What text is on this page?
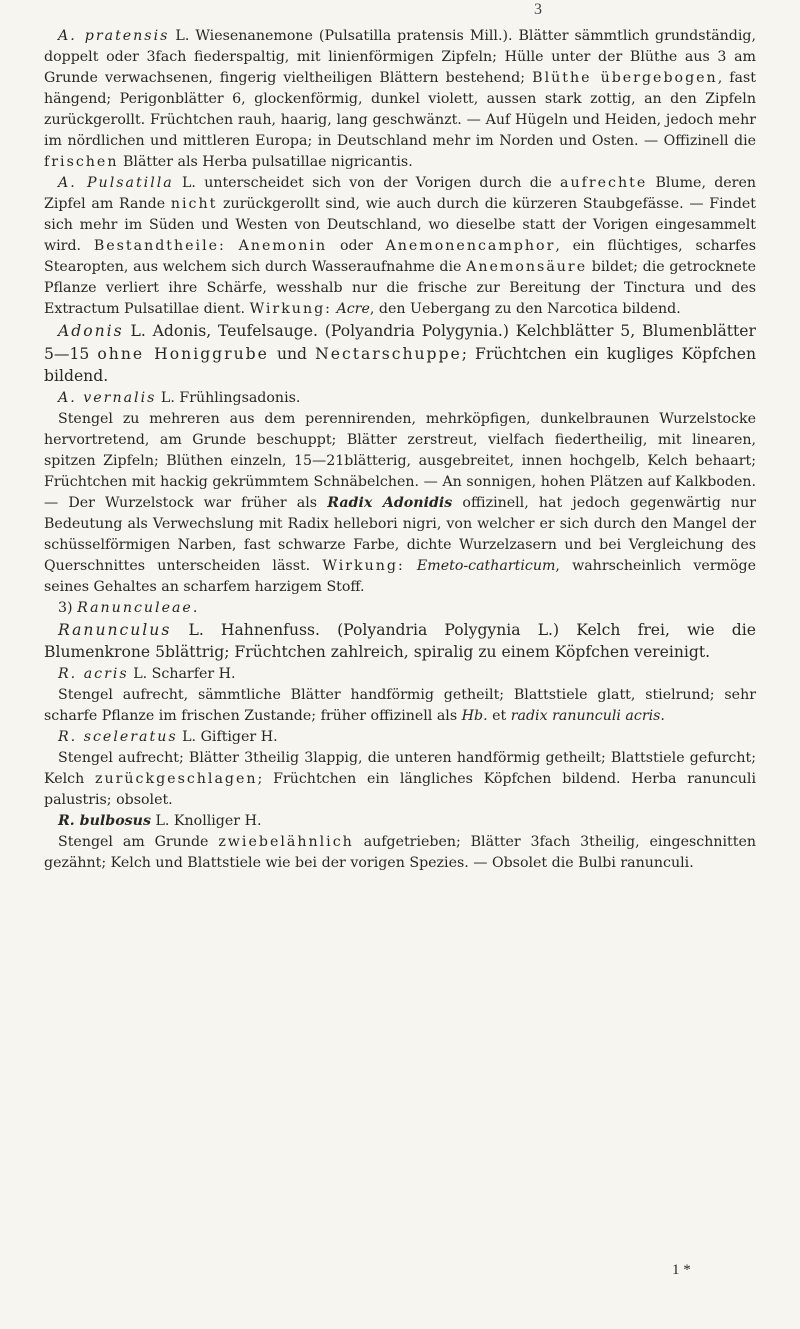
3

A. pratensis L. Wiesenanemone (Pulsatilla pratensis Mill.). Blätter sämmtlich grundständig, doppelt oder 3fach fiederspaltig, mit linienförmigen Zipfeln; Hülle unter der Blüthe aus 3 am Grunde verwachsenen, fingerig vieltheiligen Blättern bestehend; Blüthe übergebogen, fast hängend; Perigonblätter 6, glockenförmig, dunkel violett, aussen stark zottig, an den Zipfeln zurückgerollt. Früchtchen rauh, haarig, lang geschwänzt. — Auf Hügeln und Heiden, jedoch mehr im nördlichen und mittleren Europa; in Deutschland mehr im Norden und Osten. — Offizinell die frischen Blätter als Herba pulsatillae nigricantis.

A. Pulsatilla L. unterscheidet sich von der Vorigen durch die aufrechte Blume, deren Zipfel am Rande nicht zurückgerollt sind, wie auch durch die kürzeren Staubgefässe. — Findet sich mehr im Süden und Westen von Deutschland, wo dieselbe statt der Vorigen eingesammelt wird. Bestandtheile: Anemonin oder Anemonencamphor, ein flüchtiges, scharfes Stearopten, aus welchem sich durch Wasseraufnahme die Anemonsäure bildet; die getrocknete Pflanze verliert ihre Schärfe, wesshalb nur die frische zur Bereitung der Tinctura und des Extractum Pulsatillae dient. Wirkung: Acre, den Uebergang zu den Narcotica bildend.

Adonis L. Adonis, Teufelsauge. (Polyandria Polygynia.) Kelchblätter 5, Blumenblätter 5—15 ohne Honiggrube und Nectarschuppe; Früchtchen ein kugliges Köpfchen bildend.

A. vernalis L. Frühlingsadonis.

Stengel zu mehreren aus dem perennirenden, mehrköpfigen, dunkelbraunen Wurzelstocke hervortretend, am Grunde beschuppt; Blätter zerstreut, vielfach fiedertheilig, mit linearen, spitzen Zipfeln; Blüthen einzeln, 15—21blätterig, ausgebreitet, innen hochgelb, Kelch behaart; Früchtchen mit hackig gekrümmtem Schnäbelchen. — An sonnigen, hohen Plätzen auf Kalkboden. — Der Wurzelstock war früher als Radix Adonidis offizinell, hat jedoch gegenwärtig nur Bedeutung als Verwechslung mit Radix hellebori nigri, von welcher er sich durch den Mangel der schüsselförmigen Narben, fast schwarze Farbe, dichte Wurzelzasern und bei Vergleichung des Querschnittes unterscheiden lässt. Wirkung: Emeto-catharticum, wahrscheinlich vermöge seines Gehaltes an scharfem harzigem Stoff.

3) Ranunculeae.

Ranunculus L. Hahnenfuss. (Polyandria Polygynia L.) Kelch frei, wie die Blumenkrone 5blättrig; Früchtchen zahlreich, spiralig zu einem Köpfchen vereinigt.

R. acris L. Scharfer H.

Stengel aufrecht, sämmtliche Blätter handförmig getheilt; Blattstiele glatt, stielrund; sehr scharfe Pflanze im frischen Zustande; früher offizinell als Hb. et radix ranunculi acris.

R. sceleratus L. Giftiger H.

Stengel aufrecht; Blätter 3theilig 3lappig, die unteren handförmig getheilt; Blattstiele gefurcht; Kelch zurückgeschlagen; Früchtchen ein längliches Köpfchen bildend. Herba ranunculi palustris; obsolet.

R. bulbosus L. Knolliger H.

Stengel am Grunde zwiebelähnlich aufgetrieben; Blätter 3fach 3theilig, eingeschnitten gezähnt; Kelch und Blattstiele wie bei der vorigen Spezies. — Obsolet die Bulbi ranunculi.

1 *
